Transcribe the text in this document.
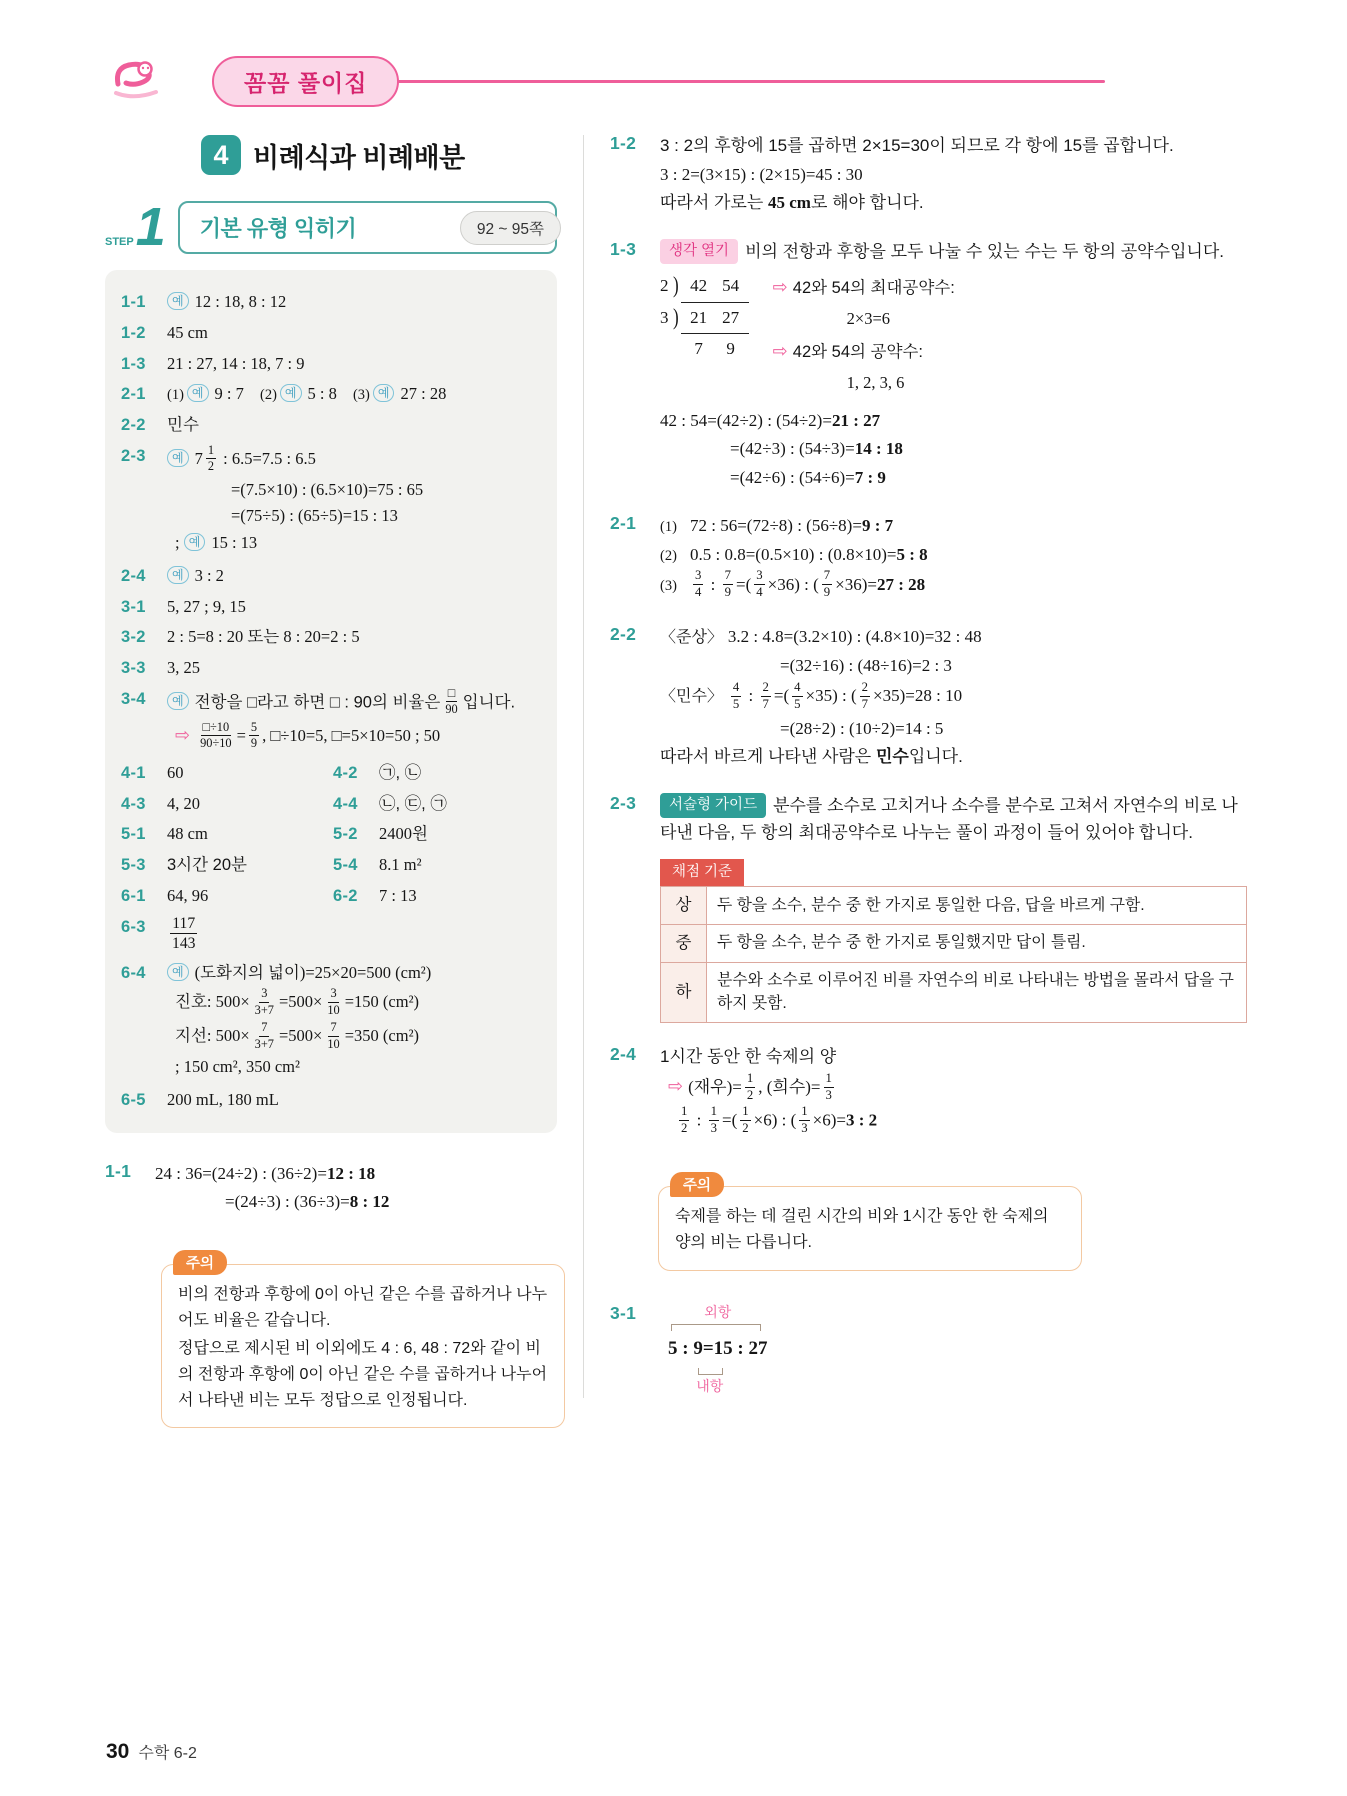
꼼꼼 풀이집
4 비례식과 비례배분
STEP 1	기본 유형 익히기	92 ~ 95쪽
1-1	예 12 : 18, 8 : 12
1-2	45 cm
1-3	21 : 27, 14 : 18, 7 : 9
2-1	(1) 예 9 : 7 (2) 예 5 : 8 (3) 예 27 : 28
2-2	민수
2-3	예 $7 \frac{1}{2}$ : 6.5=7.5 : 6.5
=(7.5×10) : (6.5×10)=75 : 65
=(75÷5) : (65÷5)=15 : 13
; 예 15 : 13
2-4	예 3 : 2
3-1	5, 27 ; 9, 15
3-2	2 : 5=8 : 20 또는 8 : 20=2 : 5
3-3	3, 25
3-4	예 전항을 □라고 하면 □ : 90의 비율은 $\frac{□}{90}$ 입니다.
⇨ $\frac{□\div 10}{90\div 10} = \frac{5}{9}$ , □÷10=5, □=5×10=50 ; 50
4-1	60	4-2	㉠, ㉡
4-3	4, 20	4-4	㉡, ㉢, ㉠
5-1	48 cm	5-2	2400원
5-3	3시간 20분	5-4	8.1 m²
6-1	64, 96	6-2	7 : 13
6-3	$\frac{117}{143}$
6-4	예 (도화지의 넓이)=25×20=500 (cm²)
진호: $500\times \frac{3}{3+7} =500\times \frac{3}{10} =150$ (cm²)
지선: $500\times \frac{7}{3+7} =500\times \frac{7}{10} =350$ (cm²)
; 150 cm², 350 cm²
6-5	200 mL, 180 mL
1-1	24 : 36=(24÷2) : (36÷2)=12 : 18
=(24÷3) : (36÷3)=8 : 12
주의

비의 전항과 후항에 0이 아닌 같은 수를 곱하거나 나누어도 비율은 같습니다.

정답으로 제시된 비 이외에도 4 : 6, 48 : 72와 같이 비의 전항과 후항에 0이 아닌 같은 수를 곱하거나 나누어서 나타낸 비는 모두 정답으로 인정됩니다.

1-2	3 : 2의 후항에 15를 곱하면 2×15=30이 되므로 각 항에 15를 곱합니다.
3 : 2=(3×15) : (2×15)=45 : 30
따라서 가로는 45 cm로 해야 합니다.
1-3	생각 열기 비의 전항과 후항을 모두 나눌 수 있는 수는 두 항의 공약수입니다.
2 ) 42 54
3 ) 21 27
7 9
⇨ 42와 54의 최대공약수:
2×3=6
⇨ 42와 54의 공약수:
1, 2, 3, 6
42 : 54=(42÷2) : (54÷2)=21 : 27
=(42÷3) : (54÷3)=14 : 18
=(42÷6) : (54÷6)=7 : 9
2-1	(1) 72 : 56=(72÷8) : (56÷8)=9 : 7
(2) 0.5 : 0.8=(0.5×10) : (0.8×10)=5 : 8
$(3) \frac{3}{4}$ : $\frac{7}{9}$ =( $\frac{3}{4} \times 36$) : ( $\frac{7}{9} \times 36)=27$ : 28
2-2	〈준상〉 3.2 : 4.8=(3.2×10) : (4.8×10)=32 : 48
=(32÷16) : (48÷16)=2 : 3
〈민수〉 $\frac{4}{5}$ : $\frac{2}{7}$ =( $\frac{4}{5} \times 35$) : ( $\frac{2}{7} \times 35)=28$ : 10
=(28÷2) : (10÷2)=14 : 5
따라서 바르게 나타낸 사람은 민수입니다.
2-3	서술형 가이드 분수를 소수로 고치거나 소수를 분수로 고쳐서 자연수의 비로 나타낸 다음, 두 항의 최대공약수로 나누는 풀이 과정이 들어 있어야 합니다.
채점 기준
상	두 항을 소수, 분수 중 한 가지로 통일한 다음, 답을 바르게 구함.
중	두 항을 소수, 분수 중 한 가지로 통일했지만 답이 틀림.
하	분수와 소수로 이루어진 비를 자연수의 비로 나타내는 방법을 몰라서 답을 구하지 못함.
2-4	1시간 동안 한 숙제의 양
⇨ (재우)= $\frac{1}{2}$ , (희수)= $\frac{1}{3}$
$\frac{1}{2}$ : $\frac{1}{3}$ =( $\frac{1}{2} \times 6$) : ( $\frac{1}{3} \times 6)=3$ : 2
주의

숙제를 하는 데 걸린 시간의 비와 1시간 동안 한 숙제의 양의 비는 다릅니다.

3-1	외항
5 : 9=15 : 27
내항
30 수학 6-2
